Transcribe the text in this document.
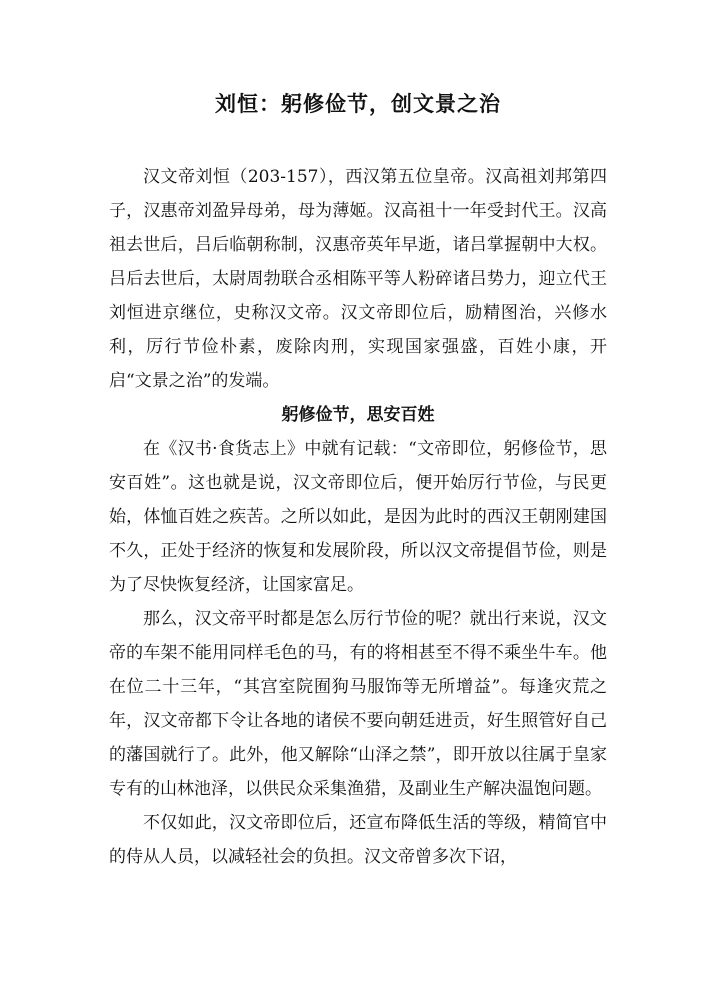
刘恒：躬修俭节，创文景之治

汉文帝刘恒（203-157），西汉第五位皇帝。汉高祖刘邦第四子，汉惠帝刘盈异母弟，母为薄姬。汉高祖十一年受封代王。汉高祖去世后，吕后临朝称制，汉惠帝英年早逝，诸吕掌握朝中大权。吕后去世后，太尉周勃联合丞相陈平等人粉碎诸吕势力，迎立代王刘恒进京继位，史称汉文帝。汉文帝即位后，励精图治，兴修水利，厉行节俭朴素，废除肉刑，实现国家强盛，百姓小康，开启“文景之治”的发端。

躬修俭节，思安百姓

在《汉书·食货志上》中就有记载：“文帝即位，躬修俭节，思安百姓”。这也就是说，汉文帝即位后，便开始厉行节俭，与民更始，体恤百姓之疾苦。之所以如此，是因为此时的西汉王朝刚建国不久，正处于经济的恢复和发展阶段，所以汉文帝提倡节俭，则是为了尽快恢复经济，让国家富足。

那么，汉文帝平时都是怎么厉行节俭的呢？就出行来说，汉文帝的车架不能用同样毛色的马，有的将相甚至不得不乘坐牛车。他在位二十三年，“其宫室院囿狗马服饰等无所增益”。每逢灾荒之年，汉文帝都下令让各地的诸侯不要向朝廷进贡，好生照管好自己的藩国就行了。此外，他又解除“山泽之禁”，即开放以往属于皇家专有的山林池泽，以供民众采集渔猎，及副业生产解决温饱问题。

不仅如此，汉文帝即位后，还宣布降低生活的等级，精简官中的侍从人员，以减轻社会的负担。汉文帝曾多次下诏，
